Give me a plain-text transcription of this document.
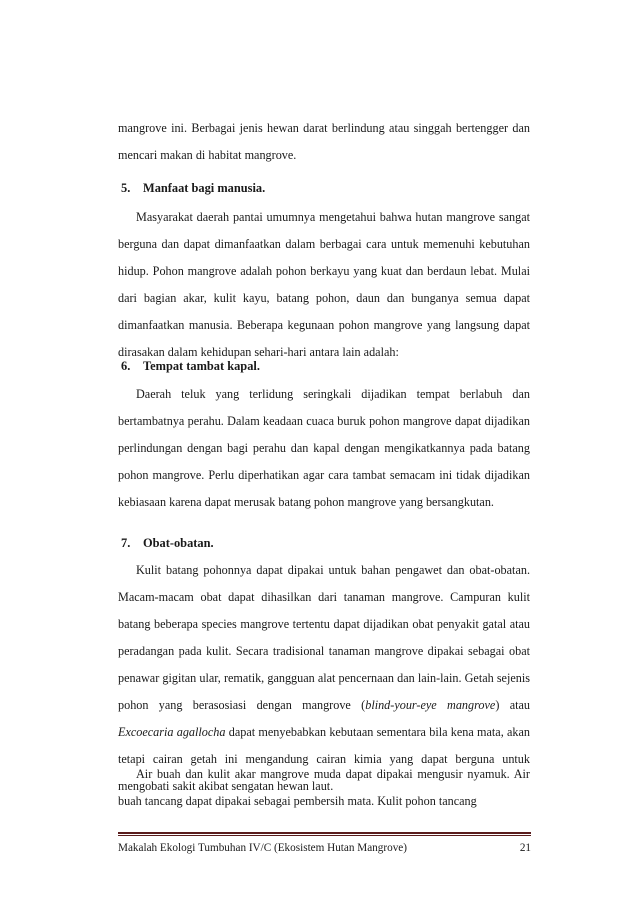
mangrove ini. Berbagai jenis hewan darat berlindung atau singgah bertengger dan mencari makan di habitat mangrove.

5. Manfaat bagi manusia.

Masyarakat daerah pantai umumnya mengetahui bahwa hutan mangrove sangat berguna dan dapat dimanfaatkan dalam berbagai cara untuk memenuhi kebutuhan hidup. Pohon mangrove adalah pohon berkayu yang kuat dan berdaun lebat. Mulai dari bagian akar, kulit kayu, batang pohon, daun dan bunganya semua dapat dimanfaatkan manusia. Beberapa kegunaan pohon mangrove yang langsung dapat dirasakan dalam kehidupan sehari-hari antara lain adalah:

6. Tempat tambat kapal.

Daerah teluk yang terlidung seringkali dijadikan tempat berlabuh dan bertambatnya perahu. Dalam keadaan cuaca buruk pohon mangrove dapat dijadikan perlindungan dengan bagi perahu dan kapal dengan mengikatkannya pada batang pohon mangrove. Perlu diperhatikan agar cara tambat semacam ini tidak dijadikan kebiasaan karena dapat merusak batang pohon mangrove yang bersangkutan.

7. Obat-obatan.

Kulit batang pohonnya dapat dipakai untuk bahan pengawet dan obat-obatan. Macam-macam obat dapat dihasilkan dari tanaman mangrove. Campuran kulit batang beberapa species mangrove tertentu dapat dijadikan obat penyakit gatal atau peradangan pada kulit. Secara tradisional tanaman mangrove dipakai sebagai obat penawar gigitan ular, rematik, gangguan alat pencernaan dan lain-lain. Getah sejenis pohon yang berasosiasi dengan mangrove (blind-your-eye mangrove) atau Excoecaria agallocha dapat menyebabkan kebutaan sementara bila kena mata, akan tetapi cairan getah ini mengandung cairan kimia yang dapat berguna untuk mengobati sakit akibat sengatan hewan laut.

Air buah dan kulit akar mangrove muda dapat dipakai mengusir nyamuk. Air buah tancang dapat dipakai sebagai pembersih mata. Kulit pohon tancang

Makalah Ekologi Tumbuhan IV/C (Ekosistem Hutan Mangrove)	21
